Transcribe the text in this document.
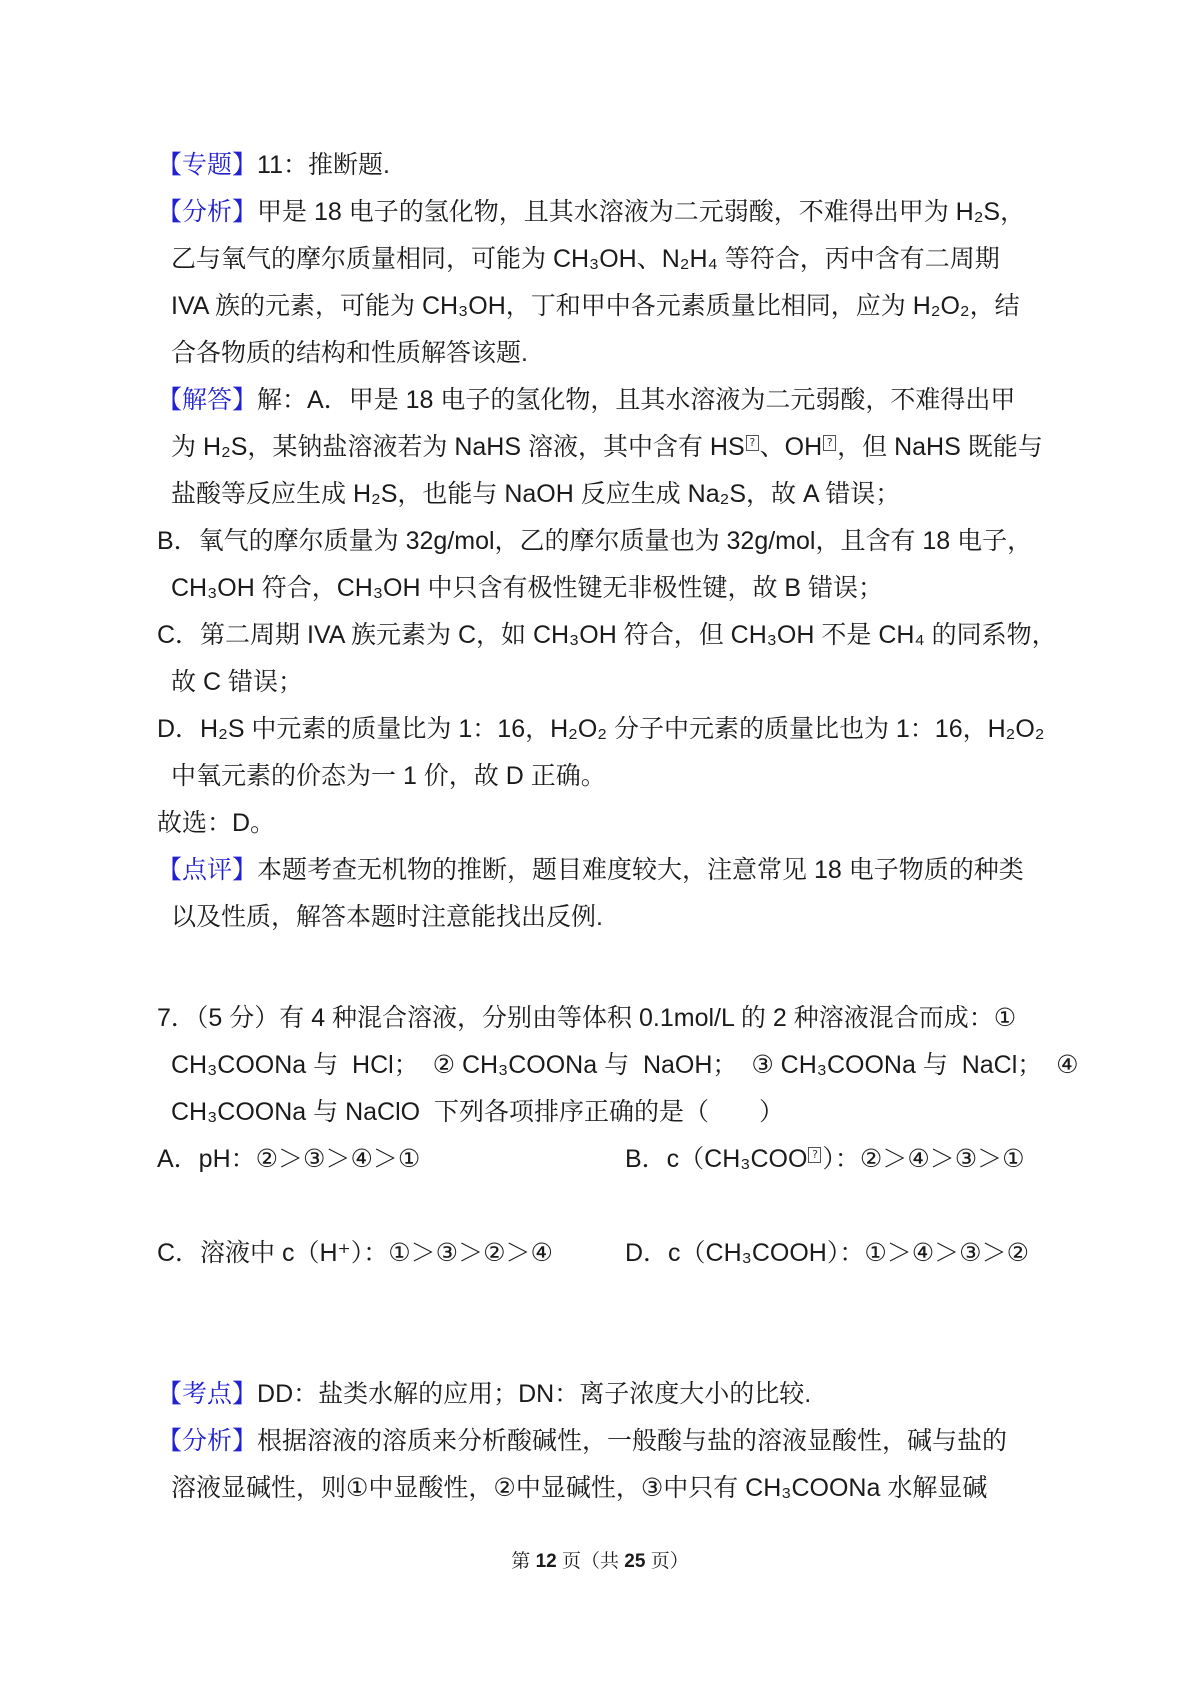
【专题】11：推断题.
【分析】甲是 18 电子的氢化物，且其水溶液为二元弱酸，不难得出甲为 H₂S，
乙与氧气的摩尔质量相同，可能为 CH₃OH、N₂H₄ 等符合，丙中含有二周期
IVA 族的元素，可能为 CH₃OH，丁和甲中各元素质量比相同，应为 H₂O₂，结
合各物质的结构和性质解答该题.
【解答】解：A．甲是 18 电子的氢化物，且其水溶液为二元弱酸，不难得出甲
为 H₂S，某钠盐溶液若为 NaHS 溶液，其中含有 HS ? 、OH ? ，但 NaHS 既能与
盐酸等反应生成 H₂S，也能与 NaOH 反应生成 Na₂S，故 A 错误；
B．氧气的摩尔质量为 32g/mol，乙的摩尔质量也为 32g/mol，且含有 18 电子，
CH₃OH 符合，CH₃OH 中只含有极性键无非极性键，故 B 错误；
C．第二周期 IVA 族元素为 C，如 CH₃OH 符合，但 CH₃OH 不是 CH₄ 的同系物，
故 C 错误；
D．H₂S 中元素的质量比为 1：16，H₂O₂ 分子中元素的质量比也为 1：16，H₂O₂
中氧元素的价态为一 1 价，故 D 正确。
故选：D。
【点评】本题考查无机物的推断，题目难度较大，注意常见 18 电子物质的种类
以及性质，解答本题时注意能找出反例.
7．（5 分）有 4 种混合溶液，分别由等体积 0.1mol/L 的 2 种溶液混合而成：①
CH₃COONa 与  HCl；  ② CH₃COONa 与  NaOH；  ③ CH₃COONa 与  NaCl；  ④
CH₃COONa 与 NaClO  下列各项排序正确的是（　　）
A．pH：②＞③＞④＞①	B．c（CH₃COO ? ）：②＞④＞③＞①
C．溶液中 c（H⁺）：①＞③＞②＞④	D．c（CH₃COOH）：①＞④＞③＞②
【考点】DD：盐类水解的应用；DN：离子浓度大小的比较.
【分析】根据溶液的溶质来分析酸碱性，一般酸与盐的溶液显酸性，碱与盐的
溶液显碱性，则①中显酸性，②中显碱性，③中只有 CH₃COONa 水解显碱
第 12 页（共 25 页）
